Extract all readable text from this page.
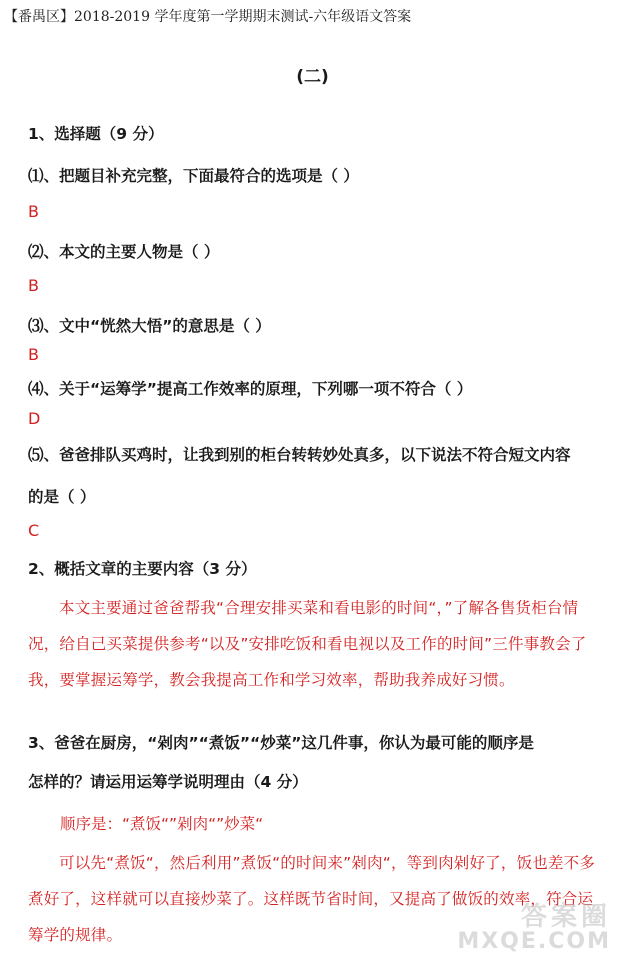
【番禺区】2018-2019 学年度第一学期期末测试-六年级语文答案
(二)
1、选择题（9 分）
⑴、把题目补充完整，下面最符合的选项是（ ）
B
⑵、本文的主要人物是（ ）
B
⑶、文中“恍然大悟”的意思是（ ）
B
⑷、关于“运筹学”提高工作效率的原理，下列哪一项不符合（ ）
D
⑸、爸爸排队买鸡时，让我到别的柜台转转妙处真多，以下说法不符合短文内容
的是（ ）
C
2、概括文章的主要内容（3 分）
本文主要通过爸爸帮我“合理安排买菜和看电影的时间“，”了解各售货柜台情况，给自己买菜提供参考“以及”安排吃饭和看电视以及工作的时间”三件事教会了我，要掌握运筹学，教会我提高工作和学习效率，帮助我养成好习惯。
3、爸爸在厨房，“剁肉”“煮饭”“炒菜”这几件事，你认为最可能的顺序是
怎样的？请运用运筹学说明理由（4 分）
顺序是：“煮饭“”剁肉“”炒菜“
可以先“煮饭“，然后利用”煮饭“的时间来”剁肉“，等到肉剁好了，饭也差不多煮好了，这样就可以直接炒菜了。这样既节省时间，又提高了做饭的效率，符合运筹学的规律。
答案圈
MXQE.COM
